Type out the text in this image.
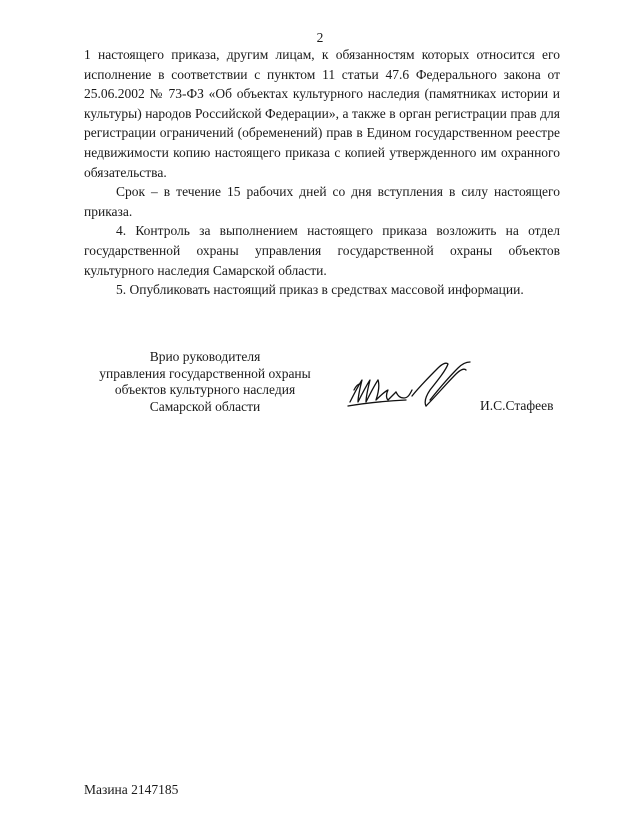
2

1 настоящего приказа, другим лицам, к обязанностям которых относится его исполнение в соответствии с пунктом 11 статьи 47.6 Федерального закона от 25.06.2002 № 73-ФЗ «Об объектах культурного наследия (памятниках истории и культуры) народов Российской Федерации», а также в орган регистрации прав для регистрации ограничений (обременений) прав в Едином государственном реестре недвижимости копию настоящего приказа с копией утвержденного им охранного обязательства.

Срок – в течение 15 рабочих дней со дня вступления в силу настоящего приказа.

4. Контроль за выполнением настоящего приказа возложить на отдел государственной охраны управления государственной охраны объектов культурного наследия Самарской области.

5. Опубликовать настоящий приказ в средствах массовой информации.

Врио руководителя
управления государственной охраны
объектов культурного наследия
Самарской области	И.С.Стафеев
Мазина 2147185
